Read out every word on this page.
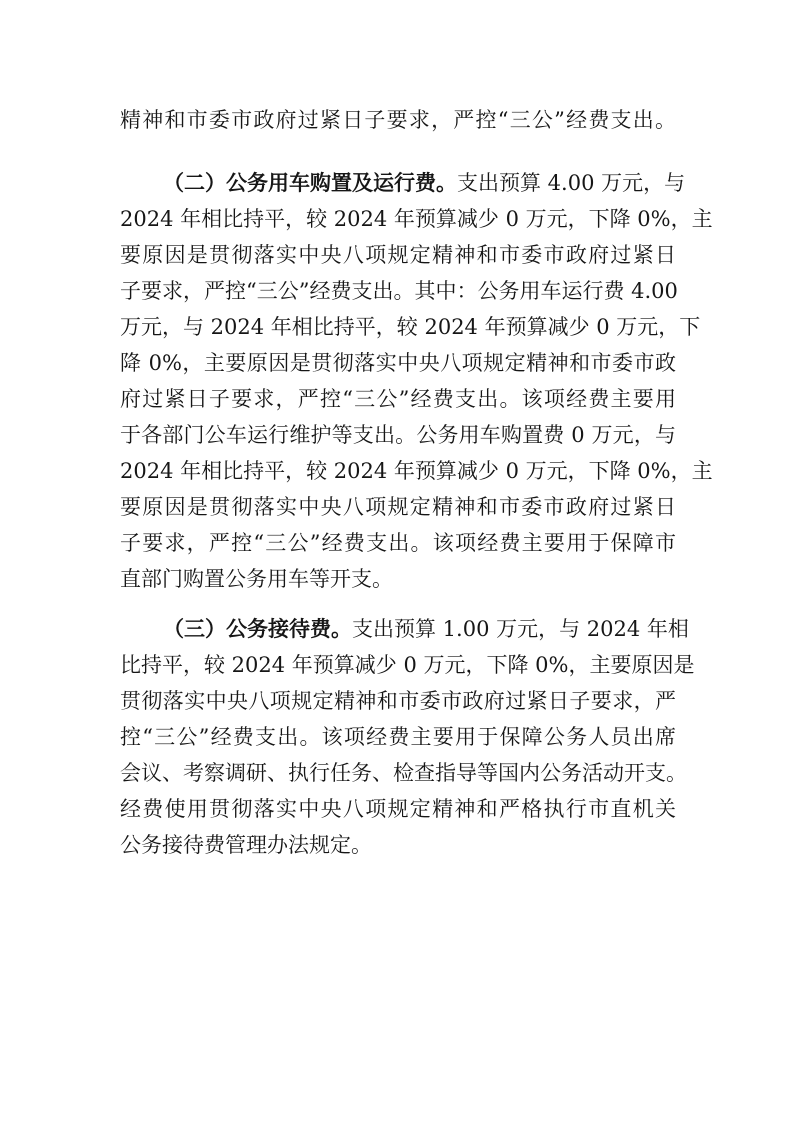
精神和市委市政府过紧日子要求，严控“三公”经费支出。
（二）公务用车购置及运行费。支出预算 4.00 万元，与
2024 年相比持平，较 2024 年预算减少 0 万元，下降 0%，主
要原因是贯彻落实中央八项规定精神和市委市政府过紧日
子要求，严控“三公”经费支出。其中：公务用车运行费 4.00
万元，与 2024 年相比持平，较 2024 年预算减少 0 万元，下
降 0%，主要原因是贯彻落实中央八项规定精神和市委市政
府过紧日子要求，严控“三公”经费支出。该项经费主要用
于各部门公车运行维护等支出。公务用车购置费 0 万元，与
2024 年相比持平，较 2024 年预算减少 0 万元，下降 0%，主
要原因是贯彻落实中央八项规定精神和市委市政府过紧日
子要求，严控“三公”经费支出。该项经费主要用于保障市
直部门购置公务用车等开支。
（三）公务接待费。支出预算 1.00 万元，与 2024 年相
比持平，较 2024 年预算减少 0 万元，下降 0%，主要原因是
贯彻落实中央八项规定精神和市委市政府过紧日子要求，严
控“三公”经费支出。该项经费主要用于保障公务人员出席
会议、考察调研、执行任务、检查指导等国内公务活动开支。
经费使用贯彻落实中央八项规定精神和严格执行市直机关
公务接待费管理办法规定。
